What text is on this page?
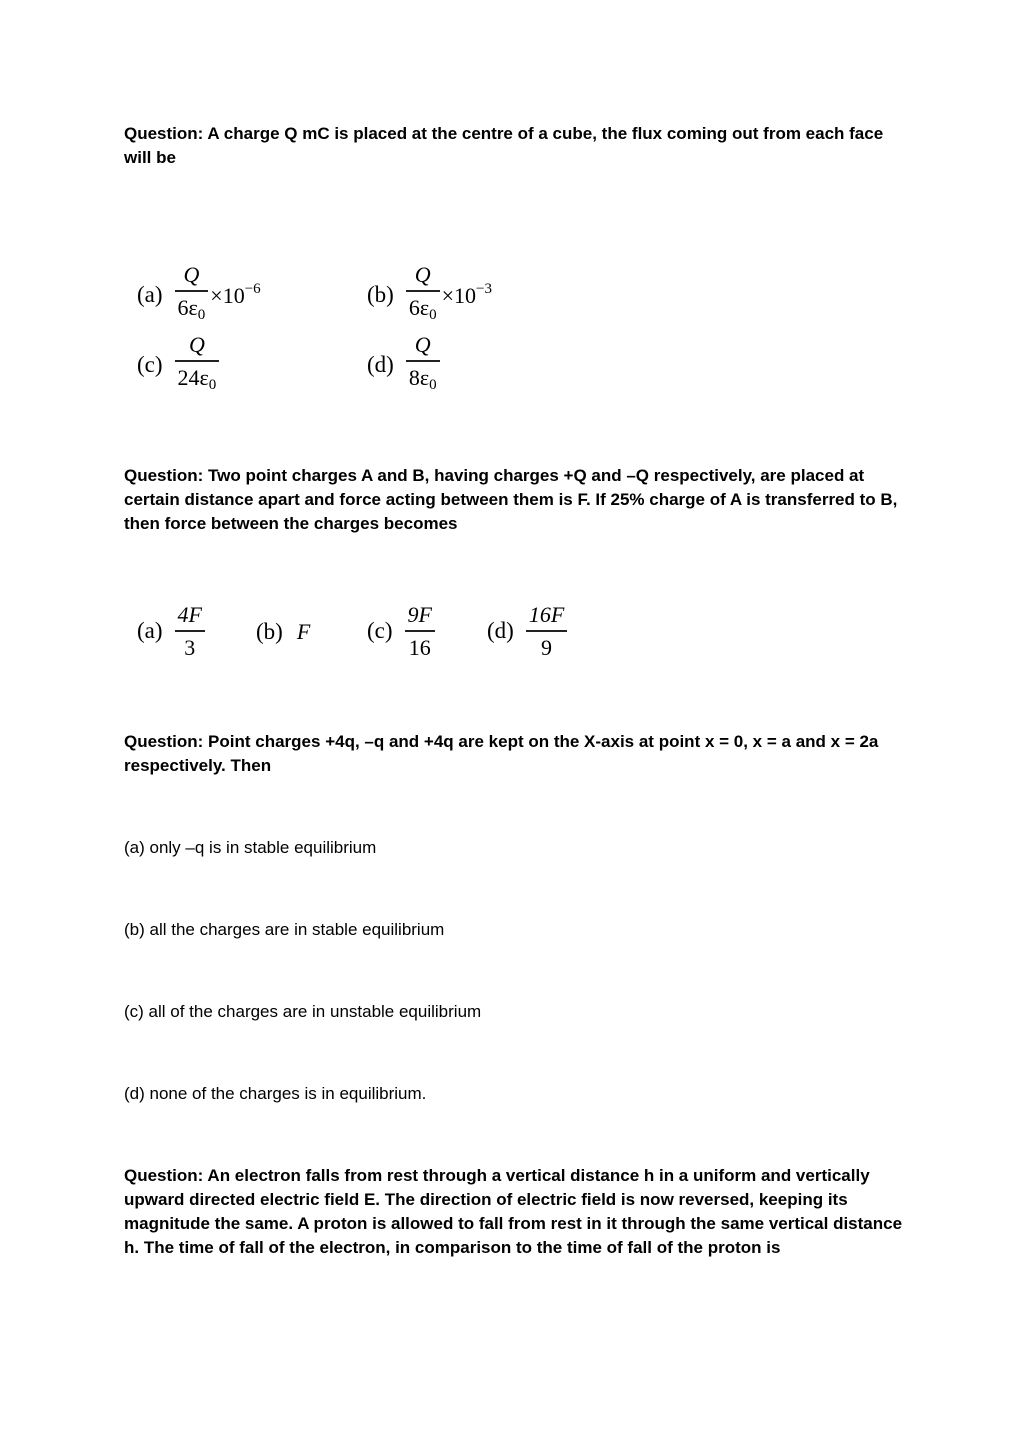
Question: A charge Q mC is placed at the centre of a cube, the flux coming out from each face will be

$(a) \frac{Q}{6\varepsilon_0} \times 10^{-6}$	$(b) \frac{Q}{6\varepsilon_0} \times 10^{-3}$
$(c) \frac{Q}{24\varepsilon_0}$	$(d) \frac{Q}{8\varepsilon_0}$

Question: Two point charges A and B, having charges +Q and –Q respectively, are placed at certain distance apart and force acting between them is F. If 25% charge of A is transferred to B, then force between the charges becomes

$(a) \frac{4F}{3} (b)$ F $(c) \frac{9F}{16} (d) \frac{16F}{9}$

Question: Point charges +4q, –q and +4q are kept on the X-axis at point x = 0, x = a and x = 2a respectively. Then

(a) only –q is in stable equilibrium

(b) all the charges are in stable equilibrium

(c) all of the charges are in unstable equilibrium

(d) none of the charges is in equilibrium.

Question: An electron falls from rest through a vertical distance h in a uniform and vertically upward directed electric field E. The direction of electric field is now reversed, keeping its magnitude the same. A proton is allowed to fall from rest in it through the same vertical distance h. The time of fall of the electron, in comparison to the time of fall of the proton is
